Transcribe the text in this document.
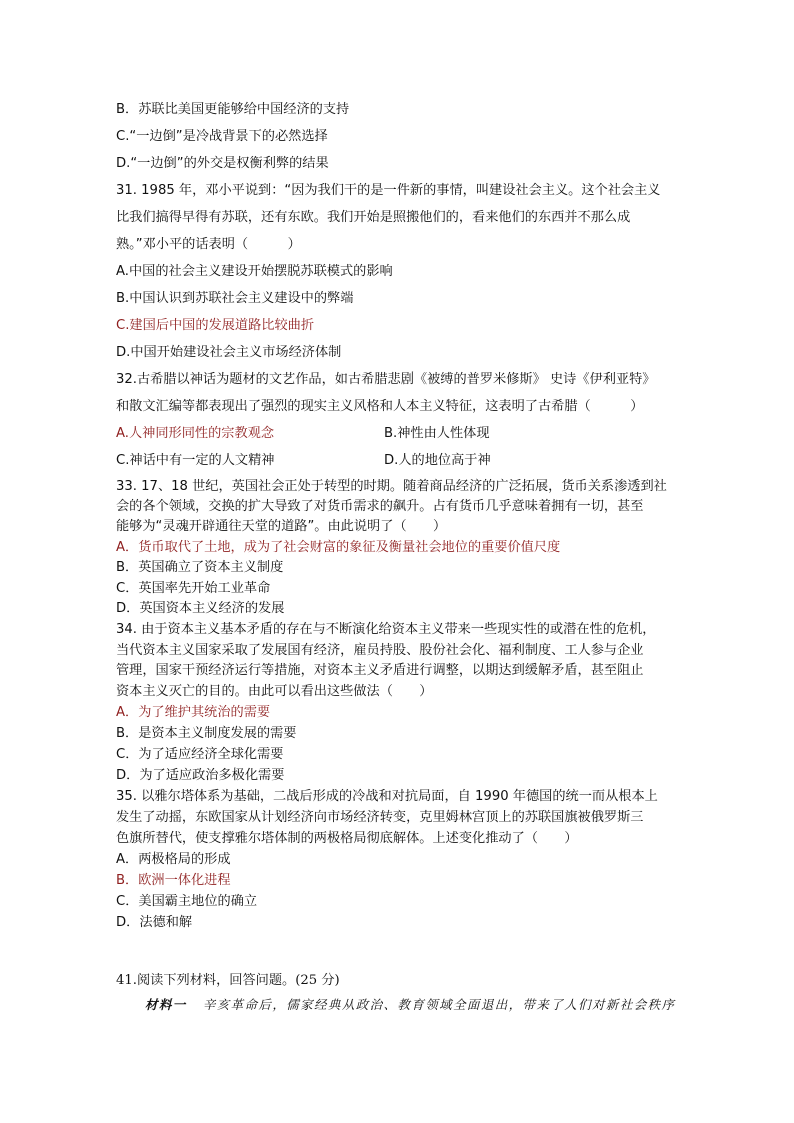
B．苏联比美国更能够给中国经济的支持
C.“一边倒”是冷战背景下的必然选择
D.“一边倒”的外交是权衡利弊的结果
31. 1985 年，邓小平说到：“因为我们干的是一件新的事情，叫建设社会主义。这个社会主义
比我们搞得早得有苏联，还有东欧。我们开始是照搬他们的，看来他们的东西并不那么成
熟。”邓小平的话表明（　　　）
A.中国的社会主义建设开始摆脱苏联模式的影响
B.中国认识到苏联社会主义建设中的弊端
C.建国后中国的发展道路比较曲折
D.中国开始建设社会主义市场经济体制
32.古希腊以神话为题材的文艺作品，如古希腊悲剧《被缚的普罗米修斯》 史诗《伊利亚特》
和散文汇编等都表现出了强烈的现实主义风格和人本主义特征，这表明了古希腊（　　　）
A.人神同形同性的宗教观念	B.神性由人性体现
C.神话中有一定的人文精神	D.人的地位高于神
33. 17、18 世纪，英国社会正处于转型的时期。随着商品经济的广泛拓展，货币关系渗透到社
会的各个领域，交换的扩大导致了对货币需求的飙升。占有货币几乎意味着拥有一切，甚至
能够为“灵魂开辟通往天堂的道路”。由此说明了（　　）
A．货币取代了土地，成为了社会财富的象征及衡量社会地位的重要价值尺度
B．英国确立了资本主义制度
C．英国率先开始工业革命
D．英国资本主义经济的发展
34. 由于资本主义基本矛盾的存在与不断演化给资本主义带来一些现实性的或潜在性的危机，
当代资本主义国家采取了发展国有经济，雇员持股、股份社会化、福利制度、工人参与企业
管理，国家干预经济运行等措施，对资本主义矛盾进行调整，以期达到缓解矛盾，甚至阻止
资本主义灭亡的目的。由此可以看出这些做法（　　）
A．为了维护其统治的需要
B．是资本主义制度发展的需要
C．为了适应经济全球化需要
D．为了适应政治多极化需要
35. 以雅尔塔体系为基础，二战后形成的冷战和对抗局面，自 1990 年德国的统一而从根本上
发生了动摇，东欧国家从计划经济向市场经济转变，克里姆林宫顶上的苏联国旗被俄罗斯三
色旗所替代，使支撑雅尔塔体制的两极格局彻底解体。上述变化推动了（　　）
A．两极格局的形成
B．欧洲一体化进程
C．美国霸主地位的确立
D．法德和解
41.阅读下列材料，回答问题。(25 分)
材料一 辛亥革命后，儒家经典从政治、教育领域全面退出，带来了人们对新社会秩序
